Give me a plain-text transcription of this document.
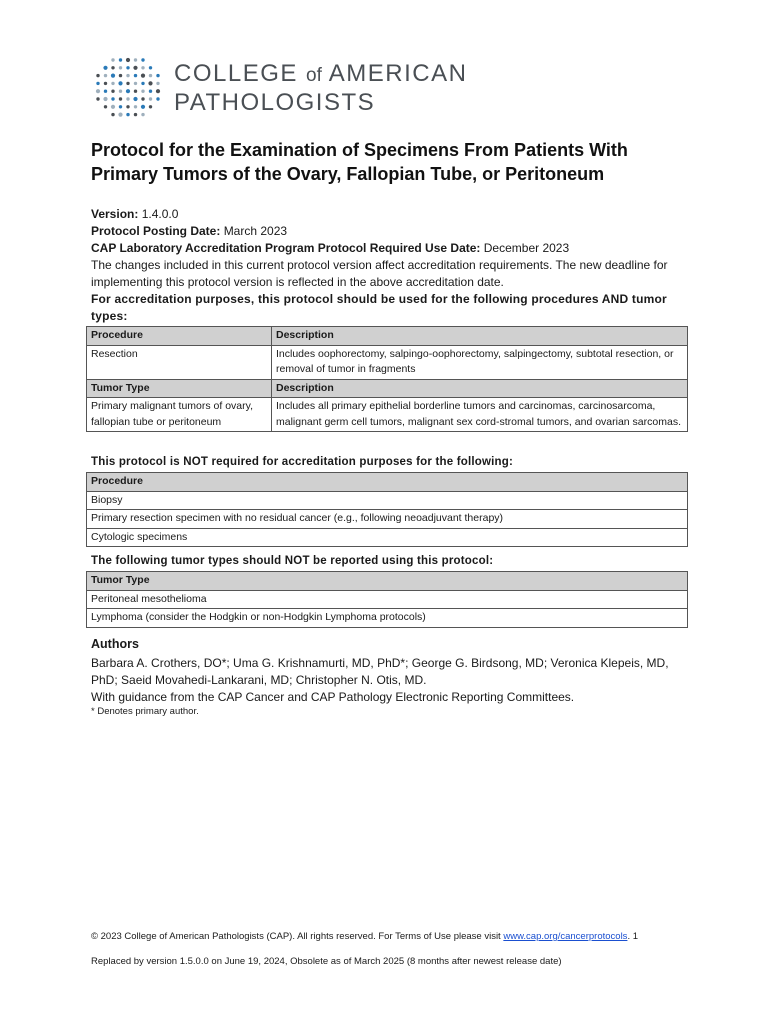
COLLEGE of AMERICAN
PATHOLOGISTS
Protocol for the Examination of Specimens From Patients With Primary Tumors of the Ovary, Fallopian Tube, or Peritoneum
Version: 1.4.0.0
Protocol Posting Date: March 2023
CAP Laboratory Accreditation Program Protocol Required Use Date: December 2023
The changes included in this current protocol version affect accreditation requirements. The new deadline for implementing this protocol version is reflected in the above accreditation date.
For accreditation purposes, this protocol should be used for the following procedures AND tumor types:
Procedure	Description
Resection	Includes oophorectomy, salpingo-oophorectomy, salpingectomy, subtotal resection, or removal of tumor in fragments
Tumor Type	Description
Primary malignant tumors of ovary, fallopian tube or peritoneum	Includes all primary epithelial borderline tumors and carcinomas, carcinosarcoma, malignant germ cell tumors, malignant sex cord-stromal tumors, and ovarian sarcomas.
This protocol is NOT required for accreditation purposes for the following:
Procedure
Biopsy
Primary resection specimen with no residual cancer (e.g., following neoadjuvant therapy)
Cytologic specimens
The following tumor types should NOT be reported using this protocol:
Tumor Type
Peritoneal mesothelioma
Lymphoma (consider the Hodgkin or non-Hodgkin Lymphoma protocols)
Authors
Barbara A. Crothers, DO*; Uma G. Krishnamurti, MD, PhD*; George G. Birdsong, MD; Veronica Klepeis, MD, PhD; Saeid Movahedi-Lankarani, MD; Christopher N. Otis, MD.
With guidance from the CAP Cancer and CAP Pathology Electronic Reporting Committees.
* Denotes primary author.
© 2023 College of American Pathologists (CAP). All rights reserved. For Terms of Use please visit www.cap.org/cancerprotocols. 1
Replaced by version 1.5.0.0 on June 19, 2024, Obsolete as of March 2025 (8 months after newest release date)
